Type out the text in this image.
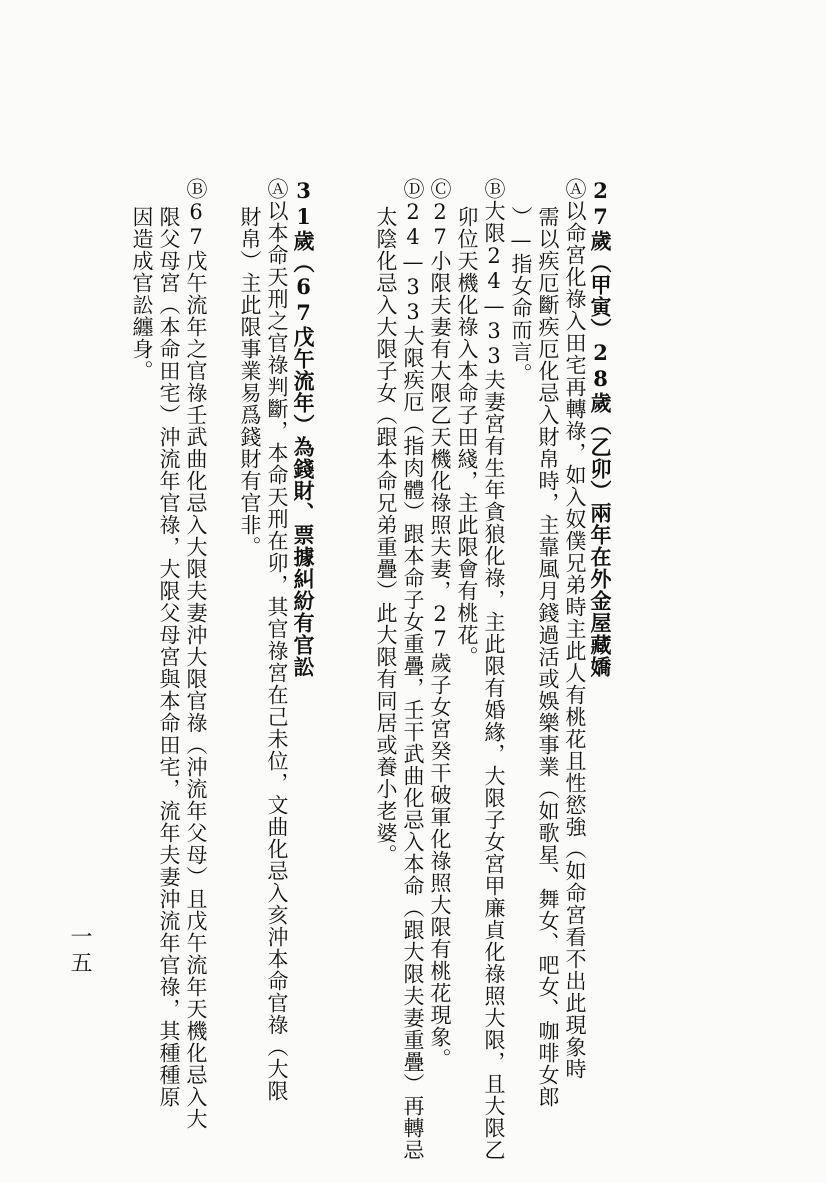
27歲（甲寅）28歲（乙卯）兩年在外金屋藏嬌
Ⓐ以命宮化祿入田宅再轉祿，如入奴僕兄弟時主此人有桃花且性慾強（如命宮看不出此現象時
需以疾厄斷疾厄化忌入財帛時，主靠風月錢過活或娛樂事業（如歌星、舞女、吧女、咖啡女郎
）—指女命而言。
Ⓑ大限24—33夫妻宮有生年貪狼化祿，主此限有婚緣，大限子女宮甲廉貞化祿照大限，且大限乙
卯位天機化祿入本命子田綫，主此限會有桃花。
Ⓒ27小限夫妻有大限乙天機化祿照夫妻，27歲子女宮癸干破軍化祿照大限有桃花現象。
Ⓓ24—33大限疾厄（指肉體）跟本命子女重疊，壬干武曲化忌入本命（跟大限夫妻重疊）再轉忌
太陰化忌入大限子女（跟本命兄弟重疊）此大限有同居或養小老婆。
31歲（67戊午流年）為錢財、票據糾紛有官訟
Ⓐ以本命天刑之官祿判斷，本命天刑在卯，其官祿宮在己未位，文曲化忌入亥沖本命官祿（大限
財帛）主此限事業易爲錢財有官非。
Ⓑ67戊午流年之官祿壬武曲化忌入大限夫妻沖大限官祿（沖流年父母）且戊午流年天機化忌入大
限父母宮（本命田宅）沖流年官祿，大限父母宮與本命田宅，流年夫妻沖流年官祿，其種種原
因造成官訟纏身。
一五
